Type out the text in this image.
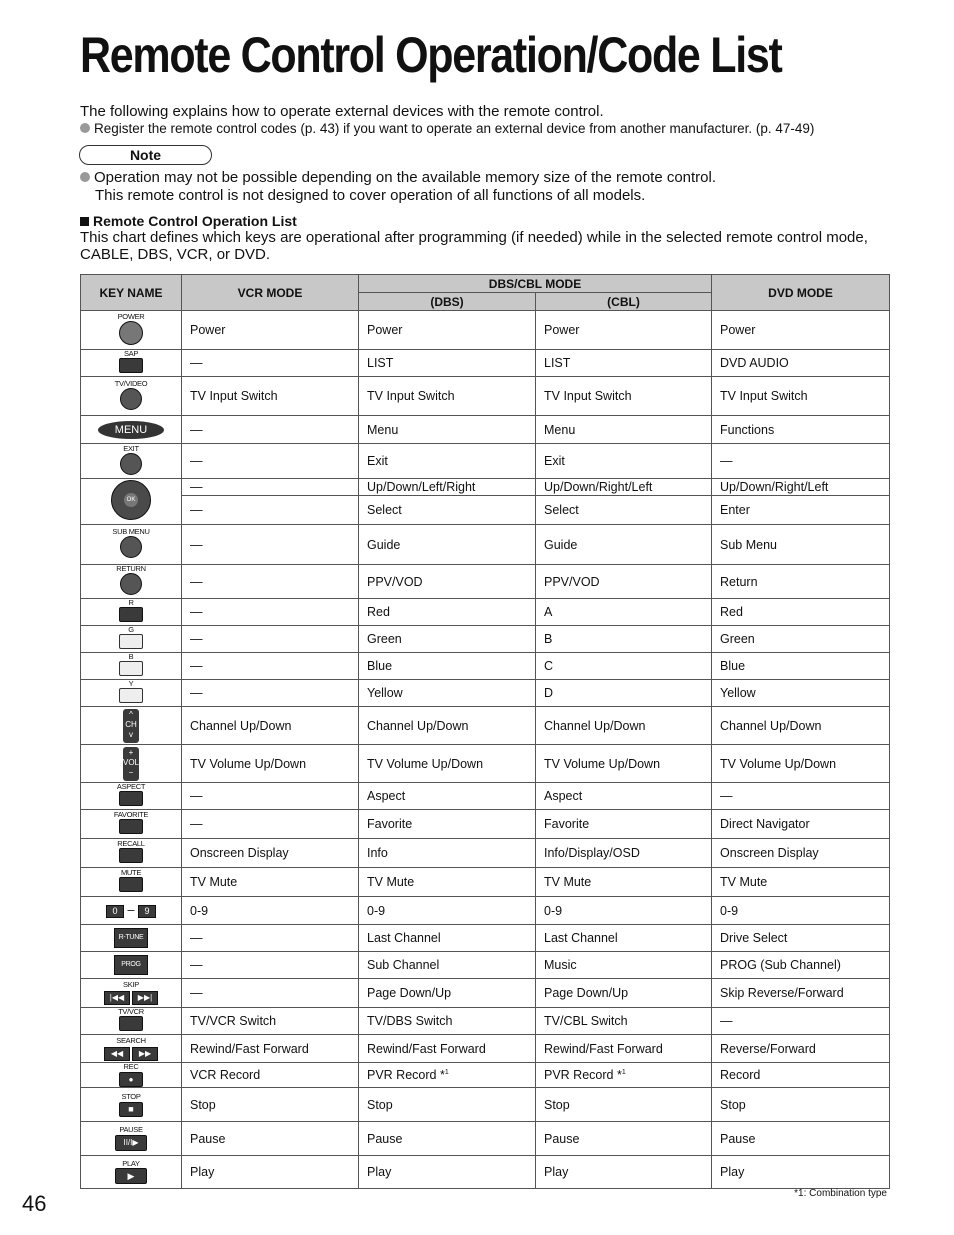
Remote Control Operation/Code List
The following explains how to operate external devices with the remote control.
Register the remote control codes (p. 43) if you want to operate an external device from another manufacturer. (p. 47-49)
Note
Operation may not be possible depending on the available memory size of the remote control.
This remote control is not designed to cover operation of all functions of all models.
Remote Control Operation List
This chart defines which keys are operational after programming (if needed) while in the selected remote control mode, CABLE, DBS, VCR, or DVD.
KEY NAME	VCR MODE	DBS/CBL MODE		DVD MODE
		(DBS)	(CBL)	

POWER	Power	Power	Power	Power

SAP	—	LIST	LIST	DVD AUDIO

TV/VIDEO	TV Input Switch	TV Input Switch	TV Input Switch	TV Input Switch
MENU	—	Menu	Menu	Functions

EXIT	—	Exit	Exit	—

OK	—	Up/Down/Left/Right	Up/Down/Right/Left	Up/Down/Right/Left
	—	Select	Select	Enter

SUB MENU	—	Guide	Guide	Sub Menu

RETURN	—	PPV/VOD	PPV/VOD	Return

R	—	Red	A	Red

G	—	Green	B	Green

B	—	Blue	C	Blue

Y	—	Yellow	D	Yellow
^
CH
v	Channel Up/Down	Channel Up/Down	Channel Up/Down	Channel Up/Down
+
VOL
−	TV Volume Up/Down	TV Volume Up/Down	TV Volume Up/Down	TV Volume Up/Down

ASPECT	—	Aspect	Aspect	—

FAVORITE	—	Favorite	Favorite	Direct Navigator

RECALL	Onscreen Display	Info	Info/Display/OSD	Onscreen Display

MUTE	TV Mute	TV Mute	TV Mute	TV Mute
0 – 9	0-9	0-9	0-9	0-9
R-TUNE	—	Last Channel	Last Channel	Drive Select
PROG	—	Sub Channel	Music	PROG (Sub Channel)

SKIP
|◀◀ ▶▶|	—	Page Down/Up	Page Down/Up	Skip Reverse/Forward

TV/VCR	TV/VCR Switch	TV/DBS Switch	TV/CBL Switch	—

SEARCH
◀◀ ▶▶	Rewind/Fast Forward	Rewind/Fast Forward	Rewind/Fast Forward	Reverse/Forward

REC
●	VCR Record	PVR Record *$^1$	PVR Record *$^1$	Record

STOP
■	Stop	Stop	Stop	Stop

PAUSE
II/I▶	Pause	Pause	Pause	Pause

PLAY
▶	Play	Play	Play	Play
46	*1: Combination type
